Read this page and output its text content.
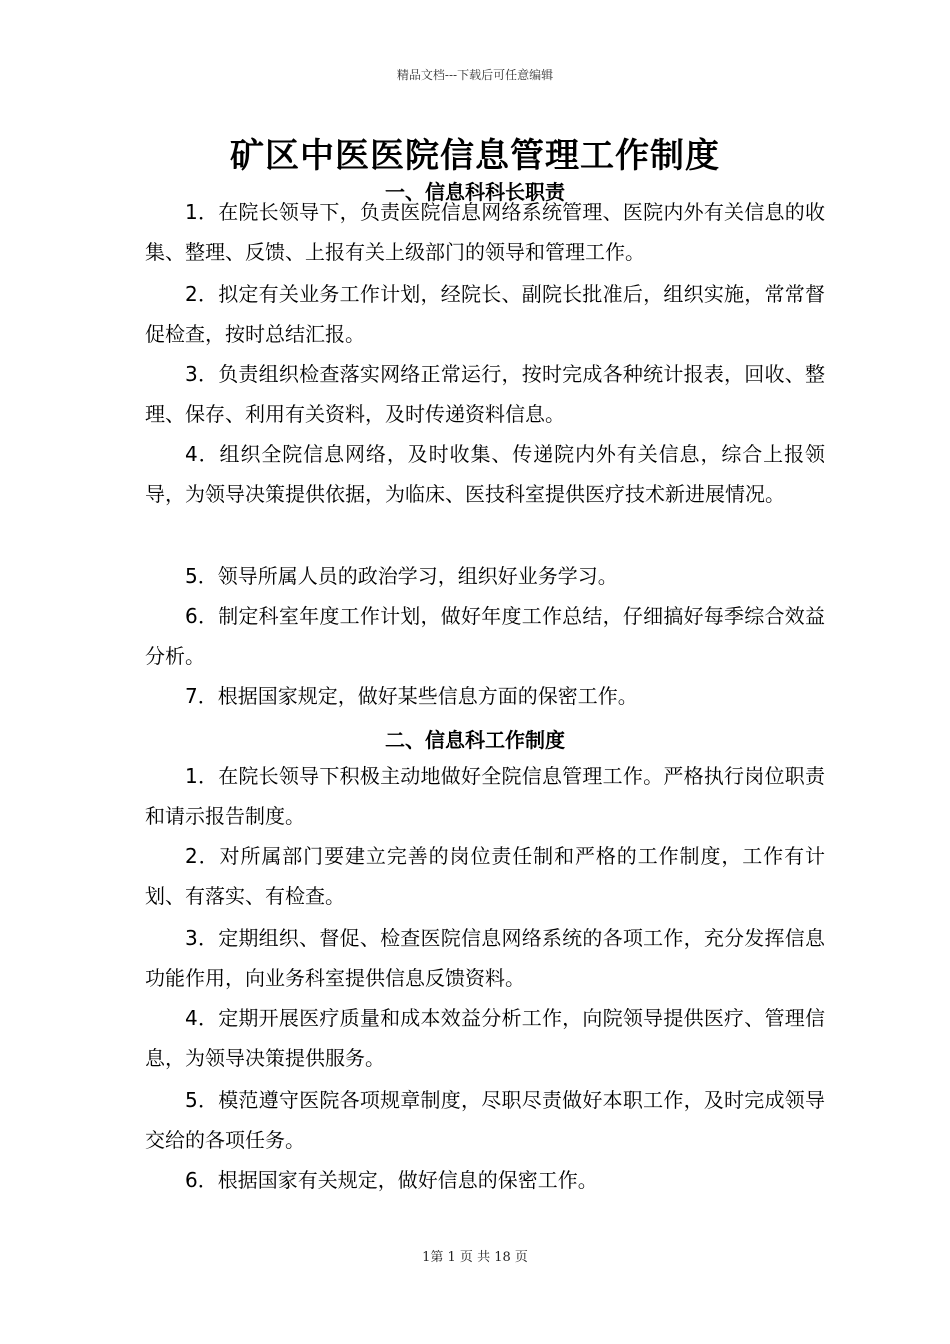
精品文档---下载后可任意编辑
矿区中医医院信息管理工作制度
一、信息科科长职责

1．在院长领导下，负责医院信息网络系统管理、医院内外有关信息的收集、整理、反馈、上报有关上级部门的领导和管理工作。

2．拟定有关业务工作计划，经院长、副院长批准后，组织实施，常常督促检查，按时总结汇报。

3．负责组织检查落实网络正常运行，按时完成各种统计报表，回收、整理、保存、利用有关资料，及时传递资料信息。

4．组织全院信息网络，及时收集、传递院内外有关信息，综合上报领导，为领导决策提供依据，为临床、医技科室提供医疗技术新进展情况。

5．领导所属人员的政治学习，组织好业务学习。

6．制定科室年度工作计划，做好年度工作总结，仔细搞好每季综合效益分析。

7．根据国家规定，做好某些信息方面的保密工作。

二、信息科工作制度

1．在院长领导下积极主动地做好全院信息管理工作。严格执行岗位职责和请示报告制度。

2．对所属部门要建立完善的岗位责任制和严格的工作制度，工作有计划、有落实、有检查。

3．定期组织、督促、检查医院信息网络系统的各项工作，充分发挥信息功能作用，向业务科室提供信息反馈资料。

4．定期开展医疗质量和成本效益分析工作，向院领导提供医疗、管理信息，为领导决策提供服务。

5．模范遵守医院各项规章制度，尽职尽责做好本职工作，及时完成领导交给的各项任务。

6．根据国家有关规定，做好信息的保密工作。

1第 1 页 共 18 页
